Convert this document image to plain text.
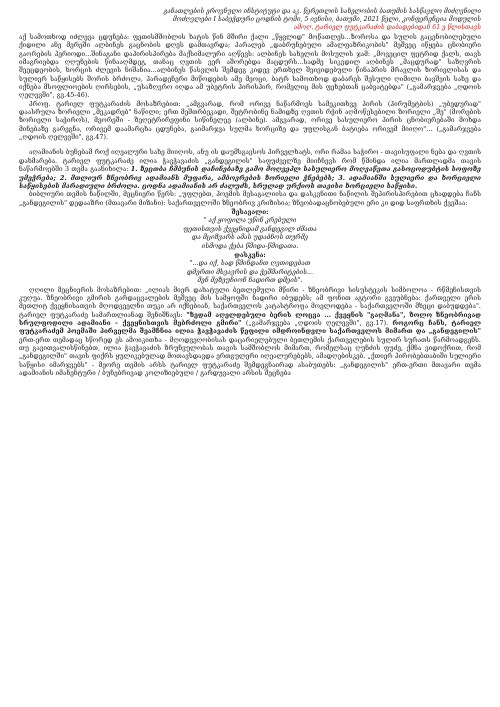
განათლების ეროვნული ინსტიტუტი და აკ. წერეთლის სახელობის ბათუმის სასწავლო მიძღვნილი
მოძღვლები I საბეჭდური ცოდნის ტომი, 5 ივნისი, ბათუმი, 2021 წელი, კონფერენცია მოდულის
ამოღ. ტარიელ ფუტკარაძის დაბადებიდან 61 ე წლისთავს

აქ სამოთხოდ იძლევა ცდუნება: ფეთისმშობლის ხატის წინ მშირი ქალი „წყვლიდ" მოწათლეს...ზოროსა და სულის გაცენობილებული ქიდილი ანე მერეში ალბინეს გაცნობის დღეს დამთავრდა; პარალებ „დაბრუნებული ამალფაზრიკობის" მეშვეც იწყება ცნობიერი გაორების პერიოდი...შინაგანი დაპირისპირება მაქსიმალური აღწევს: ალბინეს სახელის მოსულის ჯამ: „მოვეცილ ფეტრიდ ქალს, თავს იმაგრიებდა ღღუნების წინააღმდეგ, თანაც ღვთის ვერ აშორებდა მაცდურს...სადმე სიკვდილ აღბინეს „მაცდურად" საზღვრის შეეცდეობის, ხორცის ძლევის ნიშანია...ალბინეს წასვლის შემდეგ კიდევ ერთხელ შეივიდებული წინაპრის მრავლის ზორიელისას და სულიერ საწყისებს შორის ბრძოლა, პარადენერი მიწოდების ამე მეოცი, ბატრ სამოთხოდ დაბარეს შესული ღიმილი ბავშვის სახე და იქნება მსოფლიოების ღირსების, „უსაზღვრო იღდა ამ უბეტრის პირისპირ, რომელიც მის ფეხებთან ცაბვატებდა" („გამარჯვება „ღდოის ღელევში", გვ.45-46).

პროფ. ტარიელ ფუტკარაძის მოსაზრებით: „ამგვარად, რომ ორივე ნაწარმოეს სამეკითხვე პირის (პირუმეტბის) „უბედურად" დაასრულა ზორიელი „მეკადრებ" ნაწილი; ერთ მეშთრბეკადი, შეტრობინე ნამიდზე ღვთის რჭინ აღმოწესებილი ზორიელი „შე" (მორების ზორიელი საჭიროს), მეორეში - ზეღეტრირეფინი სიწინელეე (ალბინე). ამგვარად, ორივე სასულიერო პირის ცნობიერებაში მოხდა მინებაზე გარეგნა, ორივემ დაამარცხა ცდუნება, გაიმარჯვა სულმა ხორციზე და უფლისგან ბატიება ორივემ მიიღო"... („გამარჯვება „ღდოის ღელევში", გვ.47).

აღამიანის ბუნებამ როქ იღეალური სახე მიიღოს, ანუ ის დაუმსგავსოს პირველხატს, ორი რამაა საჭირო - თავისუფალი ნება და ღვთის დახმარება. ტარიელ ფუტკარაძე ილია ჭავჭავაძის „განდეგილის" საფუძველზე მიიჩნევს რომ წმინდა ილია მართლადმა თავის ნაწარმოებში 3 თემა გაანიხილა: 1. ზეცთბა ჩმბუნის დაჩინებაზე გამო მოღვეპლ სასულიერო მოღვაწეთა გასოცოდუბტის სოფოზე უმეჭრება; 2. მთლიურ ზნეობრივ ადამიანს მუფარა, ამბოვრების ზორიელი ჭნებებს; 3. ადამიანში სულიერი და ხორციელი საწყისების მარადიული ბრძოლა. ცოდნა ადამიანის არ ძალუძს, სრულად ურქიოს თავისი ხორციელი საწყისი.

ბიბლიური თემის ნაწილში, მეცნიერი წერს: „უფლებთ, პოემის მესაგალიისა და დასკვნითი ნაწილის შეპირისპირებით ცხადდება ჩანს „განდეგილის" დედააზრი (მთავარი მიზანი): საქართველოში ზნეობრივ კრიზისია; ზნეობადაცნობებული ერი კი დიდ საფრთხის ქვეშაა:

შესავალი:
" აქ ყოფილა უწინ კრებული
ფეთისთვის ქვეყნიდამ განდეგილ ძმათა
და მციზვარს ამას უდაბნოს თურმე
ისმოდა ქება წმიდა-წმიდათა.
დასკვნა:
"...და იქ, სად წმინდანთ ღვთიდებათ
დმერთი მსვავრის და ჭეშმარიტების...
მენ მეზეუნიონ ნადირთ დმეის".

ღღილი მეცნიერის მოსაზრებით: „ილიას მიერ დახატული ბეთლემული მწირი - ზნეობრივი სისუსტეკის სიმბოლოა - რწმენისთვის კუღუა. ზნეობრივი გმირის გარდაცვალების მეშვეც მის სამყოფში ნადირი იბუდებს; ამ ფონით აგტორი გვეუბნება: ქართველი ერის მეთლიტ ქვეყნისათვის მღოდვეელნი თუკი არ იქნებიან, საქართველოს კატასტროფა მოელოდება - საქართველოში მხეცი დაბუდდება". ტარიელ ფუტკარაძე სამართლიანად შენიშნავს: "ზედამ აღელდებული ბერის ლოცვა ... ქვეყნის "გაღმანა", ზოლო ზნეობრივად სრულფოდილი ადამიანი - ქვეყნისთვის მებრძოლი გმირი" („გამარჯვება „ღდოის ღელევში", გვ.17). როგორც ჩანს, ტარიელ ფუტკარაძემ პოემაში პირველმა შეამჩნია ილია ჭავჭავაძის წეფილი იმდროინდელი საქართველოს მიმართ და „განდეგილის" ერთ-ერთ თემადაც სწორედ ეს ამოიკითხა - მღოდვეღობისას დაცარიელებული ბეთლემის ქართველების სულირ სურათს წარმოადგენს. თუ გავითვალისწინებთ, ილია ჭავჭავაძის ზრუნვულობას თავის სამშობლოს მიმართ, რომელსაც ღუნძის ფუძე, ქმნა ვიდოქრით, რომ „განდეგილში" თავის ფიქრს ყულიკებულად მოთავსდავდა ერთგულერი იღეალურებებს, ამადღებისკებ. „ქთიერ პირობებთაბიში სულიერი საწყისი იმარჯვებს" - მეორე თემის არსს ტარიელ ფუტკარაძე შემდეგნაირად ასაბუთებს: „განდეგილის" ერთ-ერთი მთავარი თემა ადამიანის იმანენტური / ბუნებრივად კოლიზიებული / გარდუვალი არსის შეცნება
